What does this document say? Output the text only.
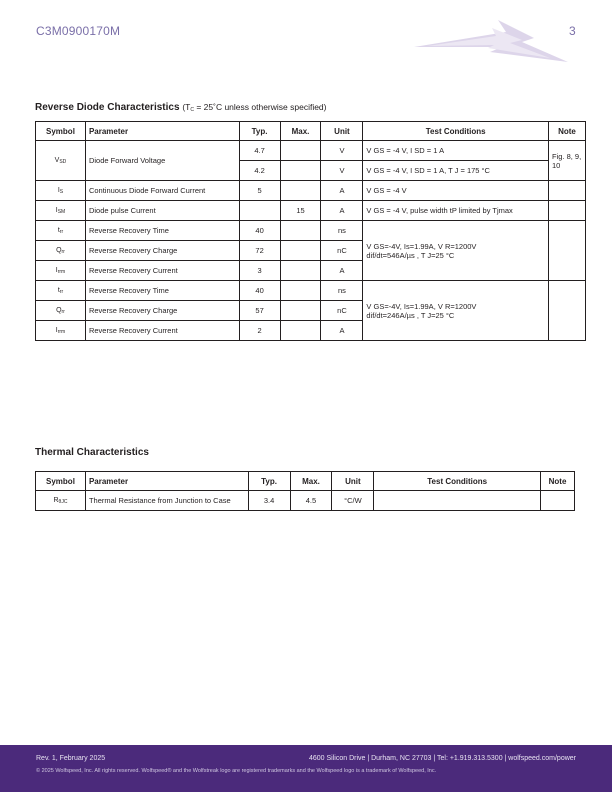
C3M0900170M	3
Reverse Diode Characteristics ($T_C$ = 25˚C unless otherwise specified)
Symbol	Parameter	Typ.	Max.	Unit	Test Conditions	Note
$V_{SD}$	Diode Forward Voltage	4.7		V	V GS = -4 V, I SD = 1 A	Fig. 8, 9, 10
		4.2		V	V GS = -4 V, I SD = 1 A, T J = 175 °C	
$I_S$	Continuous Diode Forward Current	5		A	V GS = -4 V	
$I_{SM}$	Diode pulse Current		15	A	V GS = -4 V, pulse width tP limited by Tjmax	
$t_{rr}$	Reverse Recovery Time	40		ns	V GS=-4V, Is=1.99A, V R=1200V
dif/dt=546A/µs , T J=25 °C	

$Q_{rr}$	Reverse Recovery Charge	72		nC		
$I_{rrm}$	Reverse Recovery Current	3		A		
$t_{rr}$	Reverse Recovery Time	40		ns	V GS=-4V, Is=1.99A, V R=1200V
dif/dt=246A/µs , T J=25 °C	

$Q_{rr}$	Reverse Recovery Charge	57		nC		
$I_{rrm}$	Reverse Recovery Current	2		A		
Thermal Characteristics
Symbol	Parameter	Typ.	Max.	Unit	Test Conditions	Note
$R_{\theta JC}$	Thermal Resistance from Junction to Case	3.4	4.5	°C/W		
Rev. 1, February 2025	4600 Silicon Drive | Durham, NC 27703 | Tel: +1.919.313.5300 | wolfspeed.com/power
© 2025 Wolfspeed, Inc. All rights reserved. Wolfspeed® and the Wolfstreak logo are registered trademarks and the Wolfspeed logo is a trademark of Wolfspeed, Inc.
